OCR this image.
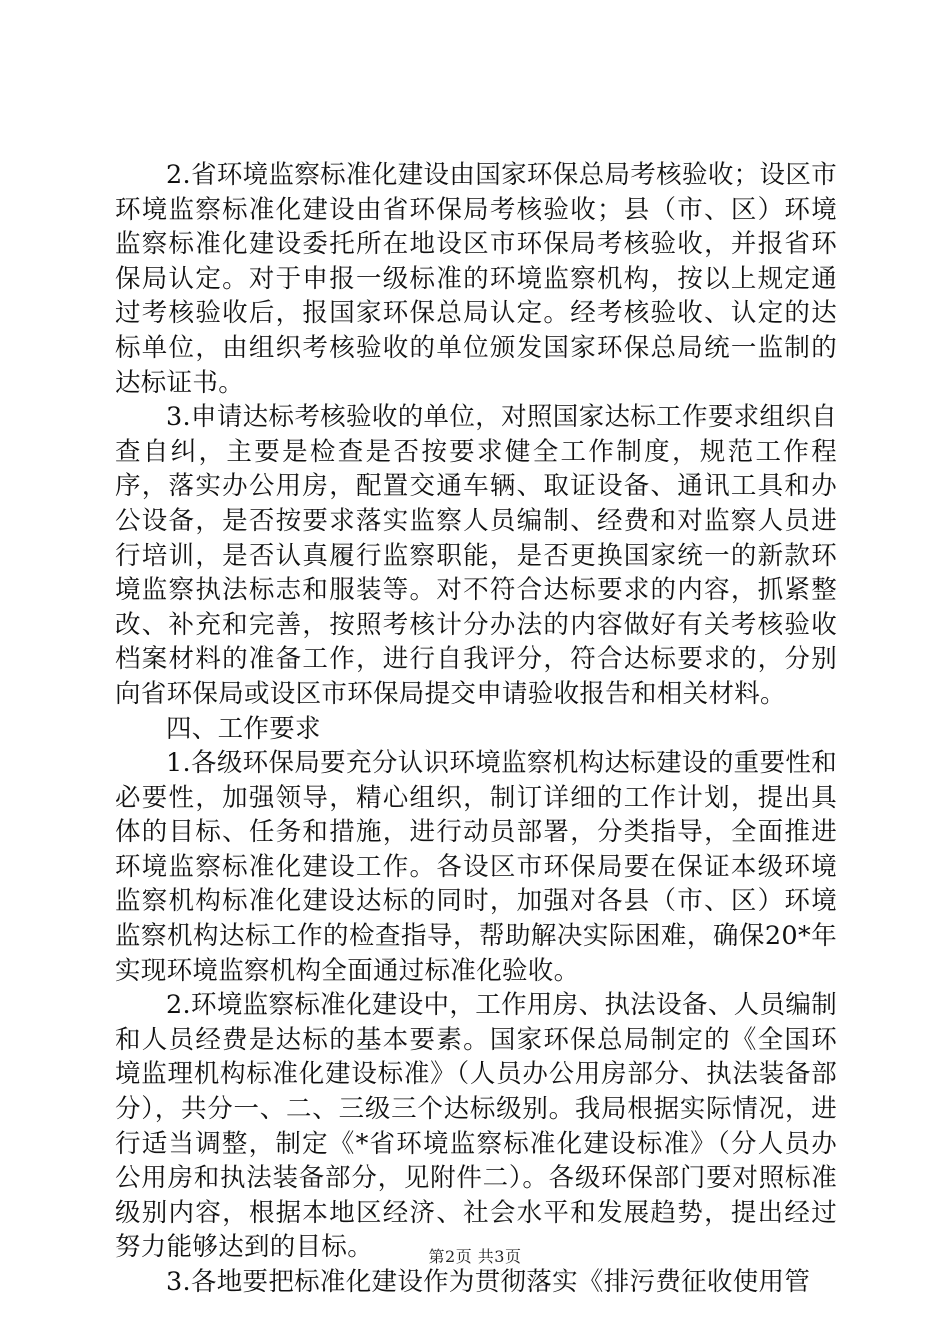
2.省环境监察标准化建设由国家环保总局考核验收；设区市环境监察标准化建设由省环保局考核验收；县（市、区）环境监察标准化建设委托所在地设区市环保局考核验收，并报省环保局认定。对于申报一级标准的环境监察机构，按以上规定通过考核验收后，报国家环保总局认定。经考核验收、认定的达标单位，由组织考核验收的单位颁发国家环保总局统一监制的达标证书。

3.申请达标考核验收的单位，对照国家达标工作要求组织自查自纠，主要是检查是否按要求健全工作制度，规范工作程序，落实办公用房，配置交通车辆、取证设备、通讯工具和办公设备，是否按要求落实监察人员编制、经费和对监察人员进行培训，是否认真履行监察职能，是否更换国家统一的新款环境监察执法标志和服装等。对不符合达标要求的内容，抓紧整改、补充和完善，按照考核计分办法的内容做好有关考核验收档案材料的准备工作，进行自我评分，符合达标要求的，分别向省环保局或设区市环保局提交申请验收报告和相关材料。

四、工作要求

1.各级环保局要充分认识环境监察机构达标建设的重要性和必要性，加强领导，精心组织，制订详细的工作计划，提出具体的目标、任务和措施，进行动员部署，分类指导，全面推进环境监察标准化建设工作。各设区市环保局要在保证本级环境监察机构标准化建设达标的同时，加强对各县（市、区）环境监察机构达标工作的检查指导，帮助解决实际困难，确保20*年实现环境监察机构全面通过标准化验收。

2.环境监察标准化建设中，工作用房、执法设备、人员编制和人员经费是达标的基本要素。国家环保总局制定的《全国环境监理机构标准化建设标准》（人员办公用房部分、执法装备部分），共分一、二、三级三个达标级别。我局根据实际情况，进行适当调整，制定《*省环境监察标准化建设标准》（分人员办公用房和执法装备部分，见附件二）。各级环保部门要对照标准级别内容，根据本地区经济、社会水平和发展趋势，提出经过努力能够达到的目标。

3.各地要把标准化建设作为贯彻落实《排污费征收使用管

第2页 共3页
